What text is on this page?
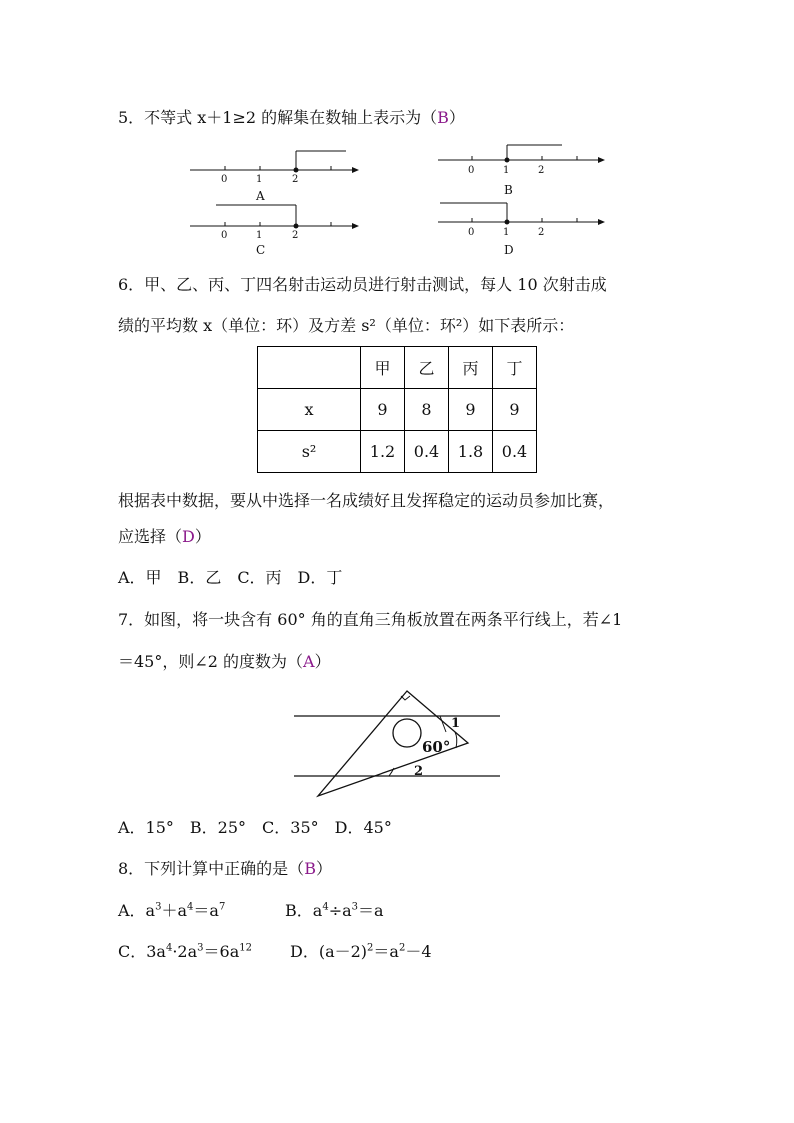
5．不等式 x＋1≥2 的解集在数轴上表示为（B）
0	1	2
A
0	1	2
B
0	1	2
C
0	1	2
D
6．甲、乙、丙、丁四名射击运动员进行射击测试，每人 10 次射击成
绩的平均数 x（单位：环）及方差 s²（单位：环²）如下表所示：
	甲	乙	丙	丁
x	9	8	9	9
s²	1.2	0.4	1.8	0.4
根据表中数据，要从中选择一名成绩好且发挥稳定的运动员参加比赛，
应选择（D）
A．甲　B．乙　C．丙　D．丁
7．如图，将一块含有 60° 角的直角三角板放置在两条平行线上，若∠1
＝45°，则∠2 的度数为（A）
60°
1
2
A．15°　B．25°　C．35°　D．45°
8．下列计算中正确的是（B）
A．$a^3+a^4=a^7$	B．$a^4\div a^3=a$
C．$3a^4\cdot 2a^3=6a^{12}$ D．$(a-2)^2=a^2-4$
